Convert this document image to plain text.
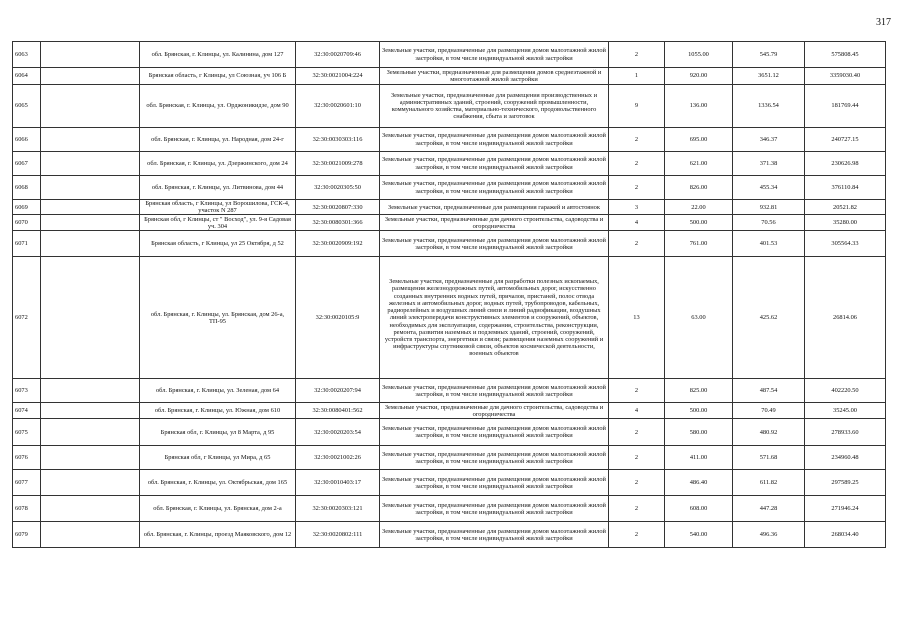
317
6063		обл. Брянская, г. Клинцы, ул. Калинина, дом 127	32:30:0020709:46	Земельные участки, предназначенные для размещения домов малоэтажной жилой застройки, в том числе индивидуальной жилой застройки	2	1055.00	545.79	575808.45
6064		Брянская область, г Клинцы, ул Союзная, уч 106 Б	32:30:0021004:224	Земельные участки, предназначенные для размещения домов среднеэтажной и многоэтажной жилой застройки	1	920.00	3651.12	3359030.40
6065		обл. Брянская, г. Клинцы, ул. Орджоникидзе, дом 90	32:30:0020601:10	Земельные участки, предназначенные для размещения производственных и административных зданий, строений, сооружений промышленности, коммунального хозяйства, материально-технического, продовольственного снабжения, сбыта и заготовок	9	136.00	1336.54	181769.44
6066		обл. Брянская, г. Клинцы, ул. Народная, дом 24-г	32:30:0030303:116	Земельные участки, предназначенные для размещения домов малоэтажной жилой застройки, в том числе индивидуальной жилой застройки	2	695.00	346.37	240727.15
6067		обл. Брянская, г. Клинцы, ул. Дзержинского, дом 24	32:30:0021009:278	Земельные участки, предназначенные для размещения домов малоэтажной жилой застройки, в том числе индивидуальной жилой застройки	2	621.00	371.38	230626.98
6068		обл. Брянская, г. Клинцы, ул. Литвинова, дом 44	32:30:0020305:50	Земельные участки, предназначенные для размещения домов малоэтажной жилой застройки, в том числе индивидуальной жилой застройки	2	826.00	455.34	376110.84
6069		Брянская область, г Клинцы, ул Ворошилова, ГСК-4, участок N 287	32:30:0020807:330	Земельные участки, предназначенные для размещения гаражей и автостоянок	3	22.00	932.81	20521.82
6070		Брянская обл, г Клинцы, ст " Восход", ул. 9-я Садовая уч. 304	32:30:0080301:366	Земельные участки, предназначенные для дачного строительства, садоводства и огородничества	4	500.00	70.56	35280.00
6071		Брянская область, г Клинцы, ул 25 Октября, д 52	32:30:0020909:192	Земельные участки, предназначенные для размещения домов малоэтажной жилой застройки, в том числе индивидуальной жилой застройки	2	761.00	401.53	305564.33
6072		обл. Брянская, г. Клинцы, ул. Брянская, дом 26-а, ТП-95	32:30:0020105:9	Земельные участки, предназначенные для разработки полезных ископаемых, размещения железнодорожных путей, автомобильных дорог, искусственно созданных внутренних водных путей, причалов, пристаней, полос отвода железных и автомобильных дорог, водных путей, трубопроводов, кабельных, радиорелейных и воздушных линий связи и линий радиофикации, воздушных линий электропередачи конструктивных элементов и сооружений, объектов, необходимых для эксплуатации, содержания, строительства, реконструкции, ремонта, развития наземных и подземных зданий, строений, сооружений, устройств транспорта, энергетики и связи; размещения наземных сооружений и инфраструктуры спутниковой связи, объектов космической деятельности, военных объектов	13	63.00	425.62	26814.06
6073		обл. Брянская, г. Клинцы, ул. Зеленая, дом 64	32:30:0020207:94	Земельные участки, предназначенные для размещения домов малоэтажной жилой застройки, в том числе индивидуальной жилой застройки	2	825.00	487.54	402220.50
6074		обл. Брянская, г. Клинцы, ул. Южная, дом 610	32:30:0080401:562	Земельные участки, предназначенные для дачного строительства, садоводства и огородничества	4	500.00	70.49	35245.00
6075		Брянская обл, г. Клинцы, ул 8 Марта, д 95	32:30:0020203:54	Земельные участки, предназначенные для размещения домов малоэтажной жилой застройки, в том числе индивидуальной жилой застройки	2	580.00	480.92	278933.60
6076		Брянская обл, г Клинцы, ул Мира, д 65	32:30:0021002:26	Земельные участки, предназначенные для размещения домов малоэтажной жилой застройки, в том числе индивидуальной жилой застройки	2	411.00	571.68	234960.48
6077		обл. Брянская, г. Клинцы, ул. Октябрьская, дом 165	32:30:0010403:17	Земельные участки, предназначенные для размещения домов малоэтажной жилой застройки, в том числе индивидуальной жилой застройки	2	486.40	611.82	297589.25
6078		обл. Брянская, г. Клинцы, ул. Брянская, дом 2-а	32:30:0020303:121	Земельные участки, предназначенные для размещения домов малоэтажной жилой застройки, в том числе индивидуальной жилой застройки	2	608.00	447.28	271946.24
6079		обл. Брянская, г. Клинцы, проезд Маяковского, дом 12	32:30:0020802:111	Земельные участки, предназначенные для размещения домов малоэтажной жилой застройки, в том числе индивидуальной жилой застройки	2	540.00	496.36	268034.40
